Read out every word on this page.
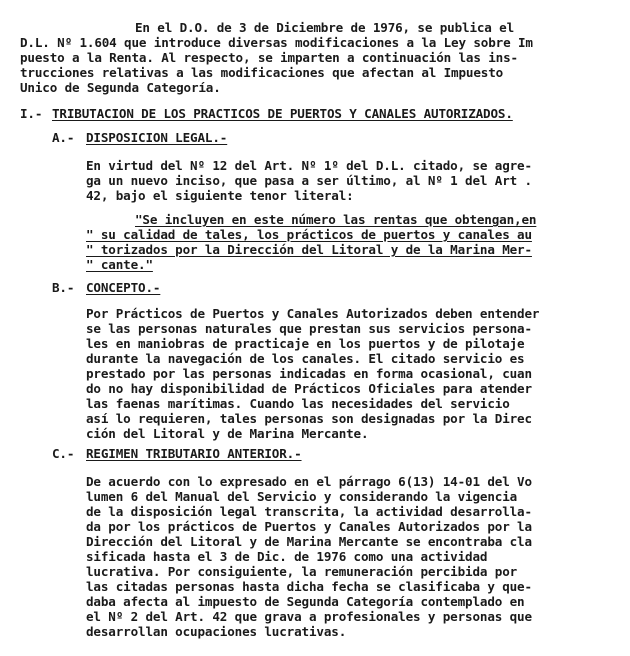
En el D.O. de 3 de Diciembre de 1976, se publica el
D.L. Nº 1.604 que introduce diversas modificaciones a la Ley sobre Im
puesto a la Renta. Al respecto, se imparten a continuación las ins-
trucciones relativas a las modificaciones que afectan al Impuesto
Unico de Segunda Categoría.
I.- TRIBUTACION DE LOS PRACTICOS DE PUERTOS Y CANALES AUTORIZADOS.
A.- DISPOSICION LEGAL.-
En virtud del Nº 12 del Art. Nº 1º del D.L. citado, se agre-
ga un nuevo inciso, que pasa a ser último, al Nº 1 del Art .
42, bajo el siguiente tenor literal:
"Se incluyen en este número las rentas que obtengan,en
" su calidad de tales, los prácticos de puertos y canales au
" torizados por la Dirección del Litoral y de la Marina Mer-
" cante."
B.- CONCEPTO.-
Por Prácticos de Puertos y Canales Autorizados deben entender
se las personas naturales que prestan sus servicios persona-
les en maniobras de practicaje en los puertos y de pilotaje
durante la navegación de los canales. El citado servicio es
prestado por las personas indicadas en forma ocasional, cuan
do no hay disponibilidad de Prácticos Oficiales para atender
las faenas marítimas. Cuando las necesidades del servicio
así lo requieren, tales personas son designadas por la Direc
ción del Litoral y de Marina Mercante.
C.- REGIMEN TRIBUTARIO ANTERIOR.-
De acuerdo con lo expresado en el párrago 6(13) 14-01 del Vo
lumen 6 del Manual del Servicio y considerando la vigencia
de la disposición legal transcrita, la actividad desarrolla-
da por los prácticos de Puertos y Canales Autorizados por la
Dirección del Litoral y de Marina Mercante se encontraba cla
sificada hasta el 3 de Dic. de 1976 como una actividad
lucrativa. Por consiguiente, la remuneración percibida por
las citadas personas hasta dicha fecha se clasificaba y que-
daba afecta al impuesto de Segunda Categoría contemplado en
el Nº 2 del Art. 42 que grava a profesionales y personas que
desarrollan ocupaciones lucrativas.
